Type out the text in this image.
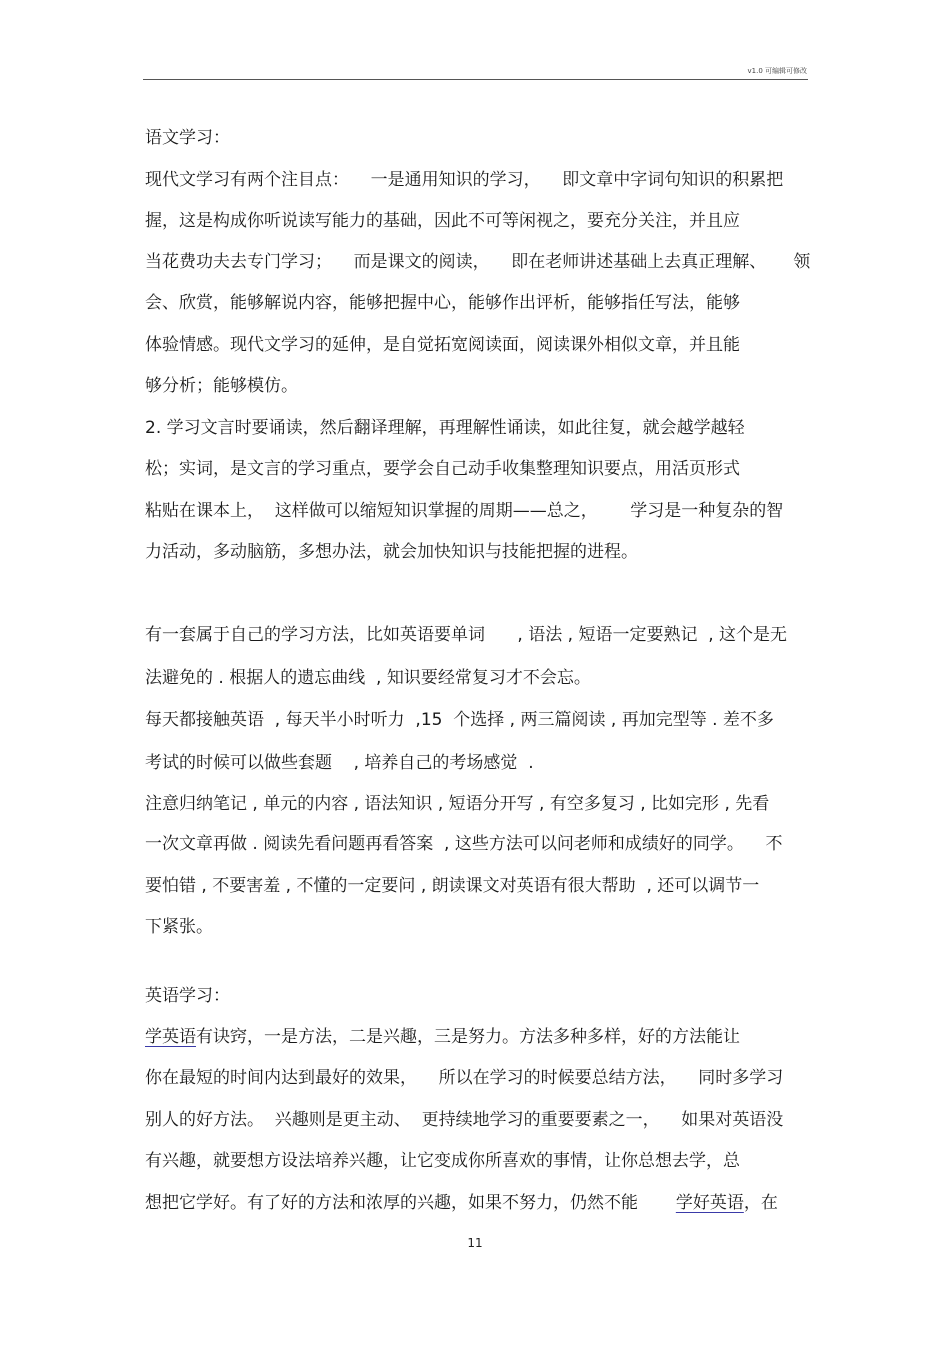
v1.0 可编辑可修改
语文学习：
现代文学习有两个注目点：    一是通用知识的学习，    即文章中字词句知识的积累把
握，这是构成你听说读写能力的基础，因此不可等闲视之，要充分关注，并且应
当花费功夫去专门学习；    而是课文的阅读，    即在老师讲述基础上去真正理解、     领
会、欣赏，能够解说内容，能够把握中心，能够作出评析，能够指任写法，能够
体验情感。现代文学习的延伸，是自觉拓宽阅读面，阅读课外相似文章，并且能
够分析；能够模仿。
2. 学习文言时要诵读，然后翻译理解，再理解性诵读，如此往复，就会越学越轻
松；实词，是文言的学习重点，要学会自己动手收集整理知识要点，用活页形式
粘贴在课本上，  这样做可以缩短知识掌握的周期——总之，      学习是一种复杂的智
力活动，多动脑筋，多想办法，就会加快知识与技能把握的进程。
有一套属于自己的学习方法，比如英语要单词      , 语法 , 短语一定要熟记  , 这个是无
法避免的 . 根据人的遗忘曲线  , 知识要经常复习才不会忘。
每天都接触英语  , 每天半小时听力  ,15  个选择 , 两三篇阅读 , 再加完型等 . 差不多
考试的时候可以做些套题    , 培养自己的考场感觉  .
注意归纳笔记 , 单元的内容 , 语法知识 , 短语分开写 , 有空多复习 , 比如完形 , 先看
一次文章再做 . 阅读先看问题再看答案  , 这些方法可以问老师和成绩好的同学。    不
要怕错 , 不要害羞 , 不懂的一定要问 , 朗读课文对英语有很大帮助  , 还可以调节一
下紧张。
英语学习：
学英语有诀窍，一是方法，二是兴趣，三是努力。方法多种多样，好的方法能让
你在最短的时间内达到最好的效果，    所以在学习的时候要总结方法，    同时多学习
别人的好方法。  兴趣则是更主动、  更持续地学习的重要要素之一，    如果对英语没
有兴趣，就要想方设法培养兴趣，让它变成你所喜欢的事情，让你总想去学，总
想把它学好。有了好的方法和浓厚的兴趣，如果不努力，仍然不能       学好英语，在
11
